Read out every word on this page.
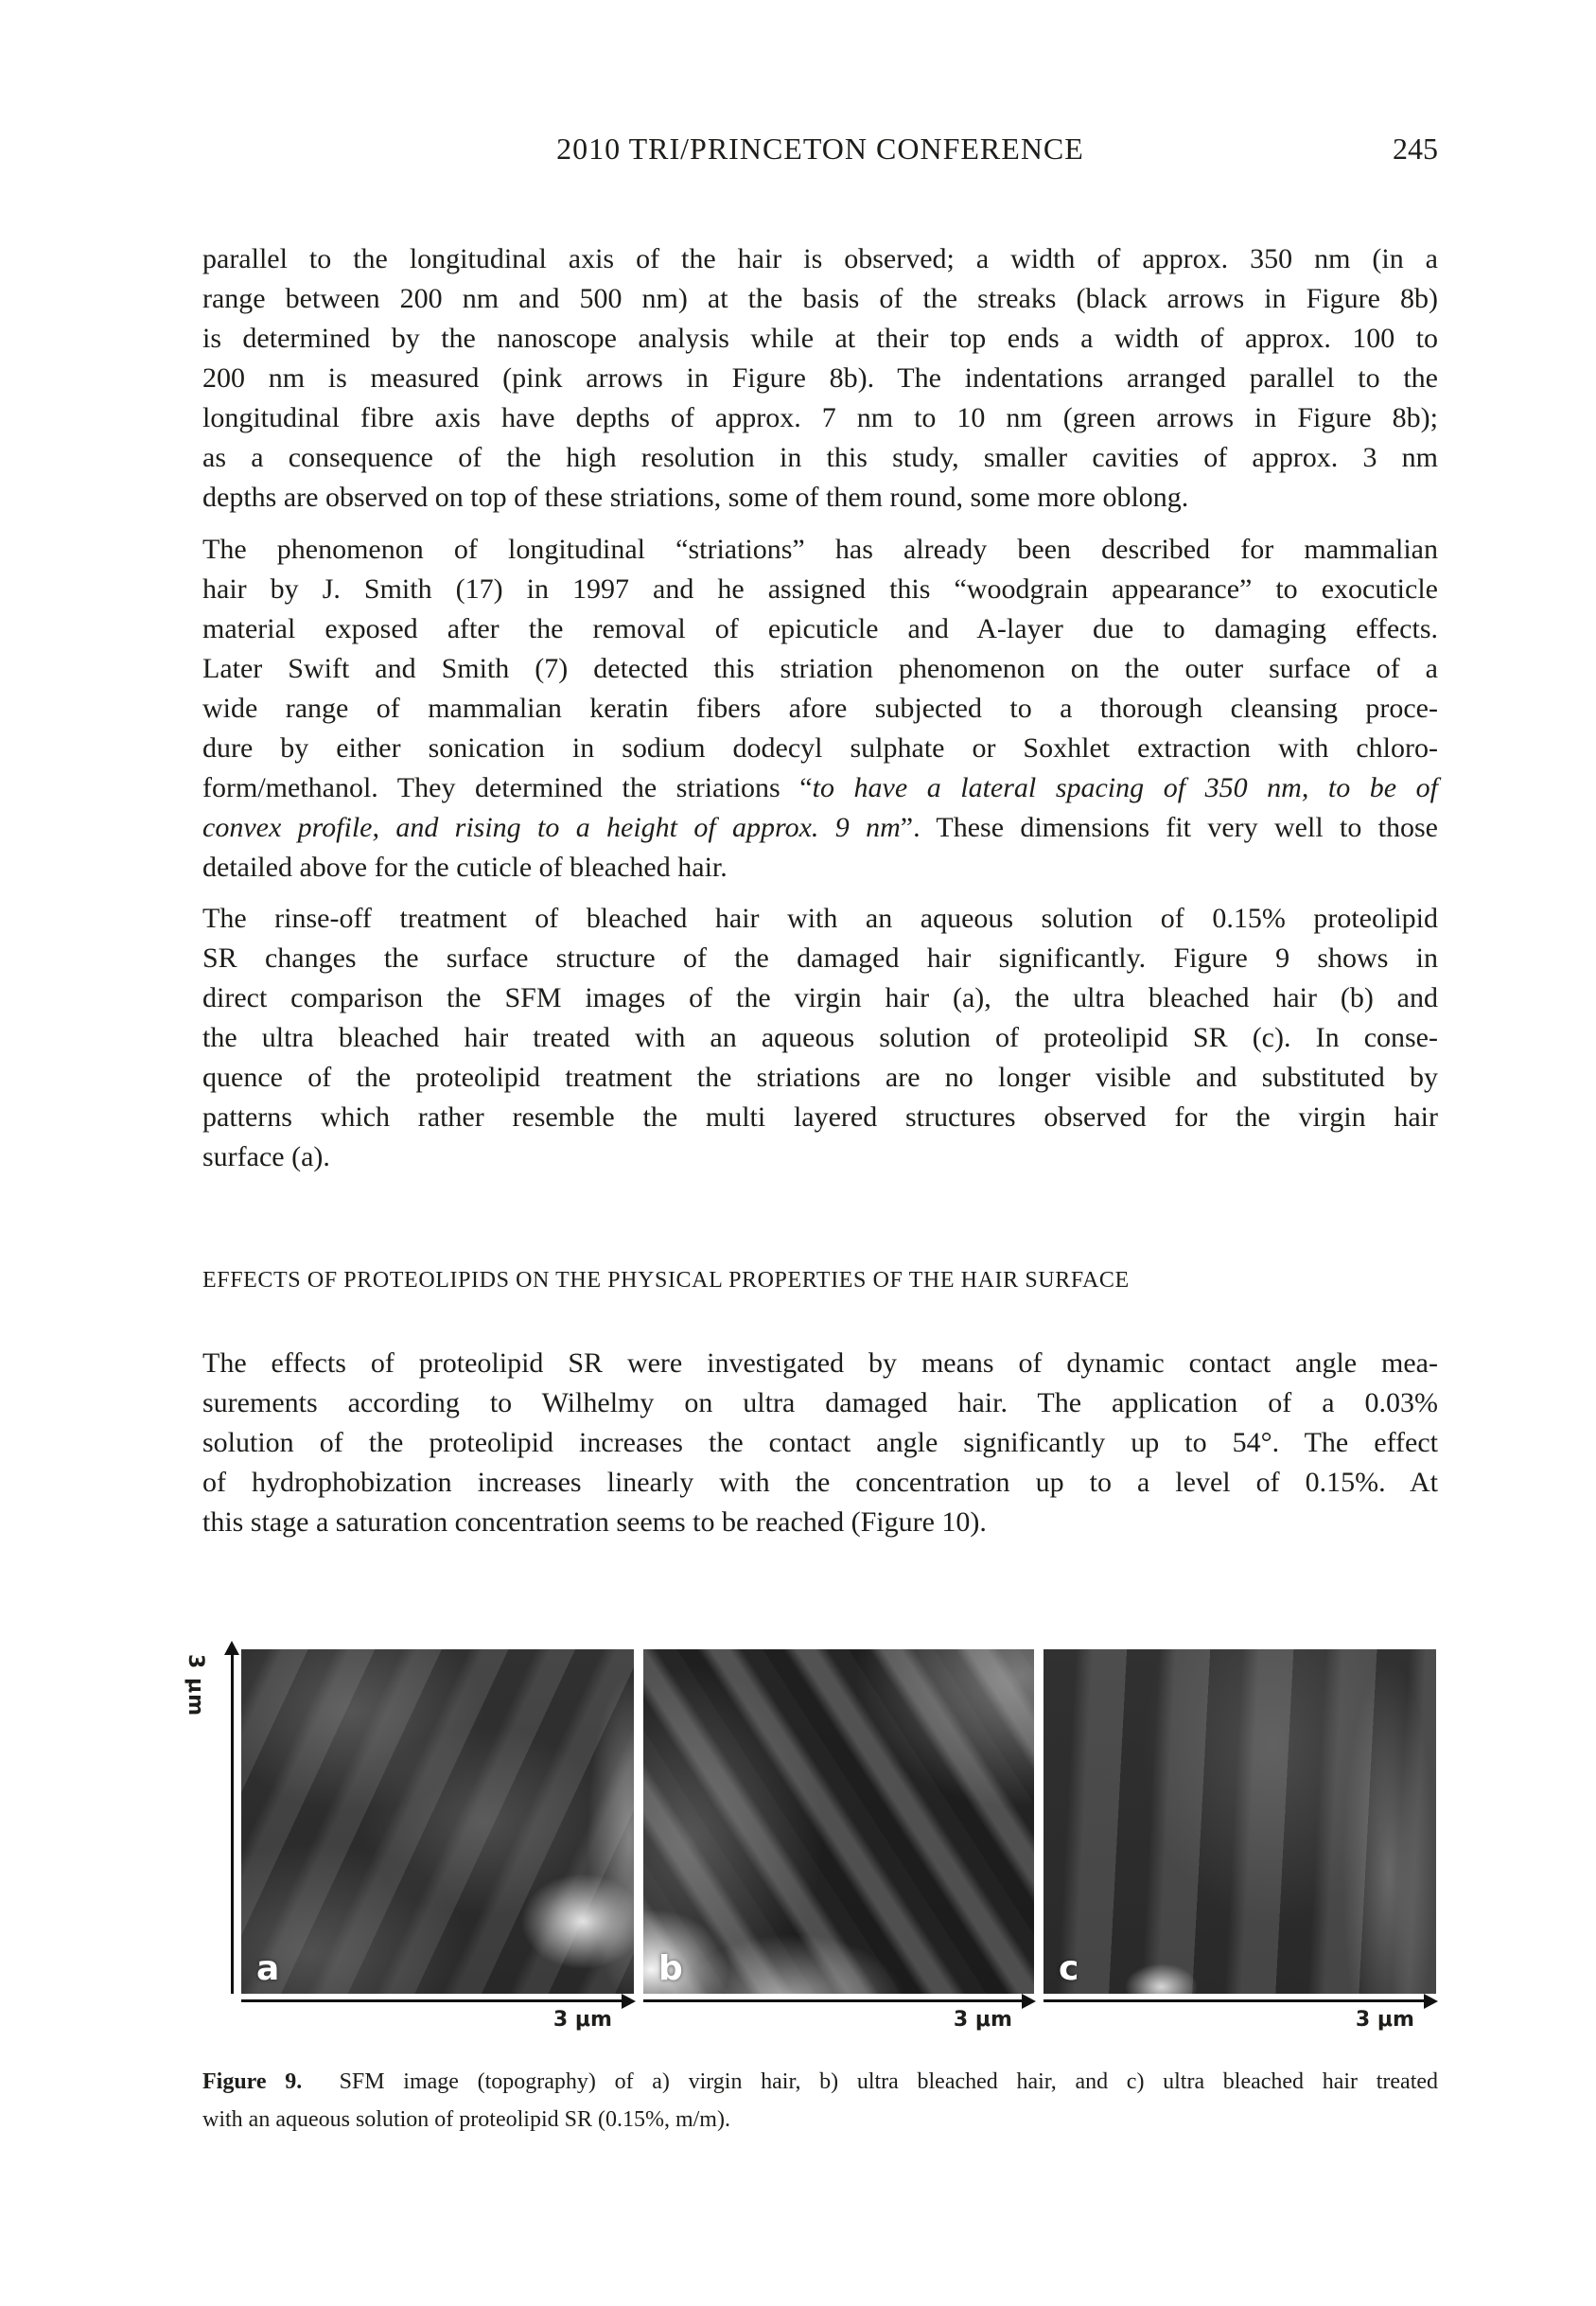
2010 TRI/PRINCETON CONFERENCE	245
parallel to the longitudinal axis of the hair is observed; a width of approx. 350 nm (in a
range between 200 nm and 500 nm) at the basis of the streaks (black arrows in Figure 8b)
is determined by the nanoscope analysis while at their top ends a width of approx. 100 to
200 nm is measured (pink arrows in Figure 8b). The indentations arranged parallel to the
longitudinal fibre axis have depths of approx. 7 nm to 10 nm (green arrows in Figure 8b);
as a consequence of the high resolution in this study, smaller cavities of approx. 3 nm
depths are observed on top of these striations, some of them round, some more oblong.
The phenomenon of longitudinal “striations” has already been described for mammalian
hair by J. Smith (17) in 1997 and he assigned this “woodgrain appearance” to exocuticle
material exposed after the removal of epicuticle and A-layer due to damaging effects.
Later Swift and Smith (7) detected this striation phenomenon on the outer surface of a
wide range of mammalian keratin fibers afore subjected to a thorough cleansing proce-
dure by either sonication in sodium dodecyl sulphate or Soxhlet extraction with chloro-
form/methanol. They determined the striations “to have a lateral spacing of 350 nm, to be of
convex profile, and rising to a height of approx. 9 nm”. These dimensions fit very well to those
detailed above for the cuticle of bleached hair.
The rinse-off treatment of bleached hair with an aqueous solution of 0.15% proteolipid
SR changes the surface structure of the damaged hair significantly. Figure 9 shows in
direct comparison the SFM images of the virgin hair (a), the ultra bleached hair (b) and
the ultra bleached hair treated with an aqueous solution of proteolipid SR (c). In conse-
quence of the proteolipid treatment the striations are no longer visible and substituted by
patterns which rather resemble the multi layered structures observed for the virgin hair
surface (a).
EFFECTS OF PROTEOLIPIDS ON THE PHYSICAL PROPERTIES OF THE HAIR SURFACE
The effects of proteolipid SR were investigated by means of dynamic contact angle mea-
surements according to Wilhelmy on ultra damaged hair. The application of a 0.03%
solution of the proteolipid increases the contact angle significantly up to 54°. The effect
of hydrophobization increases linearly with the concentration up to a level of 0.15%. At
this stage a saturation concentration seems to be reached (Figure 10).
3 μm
a	b	c
3 μm	3 μm	3 μm
Figure 9.  SFM image (topography) of a) virgin hair, b) ultra bleached hair, and c) ultra bleached hair treated
with an aqueous solution of proteolipid SR (0.15%, m/m).
